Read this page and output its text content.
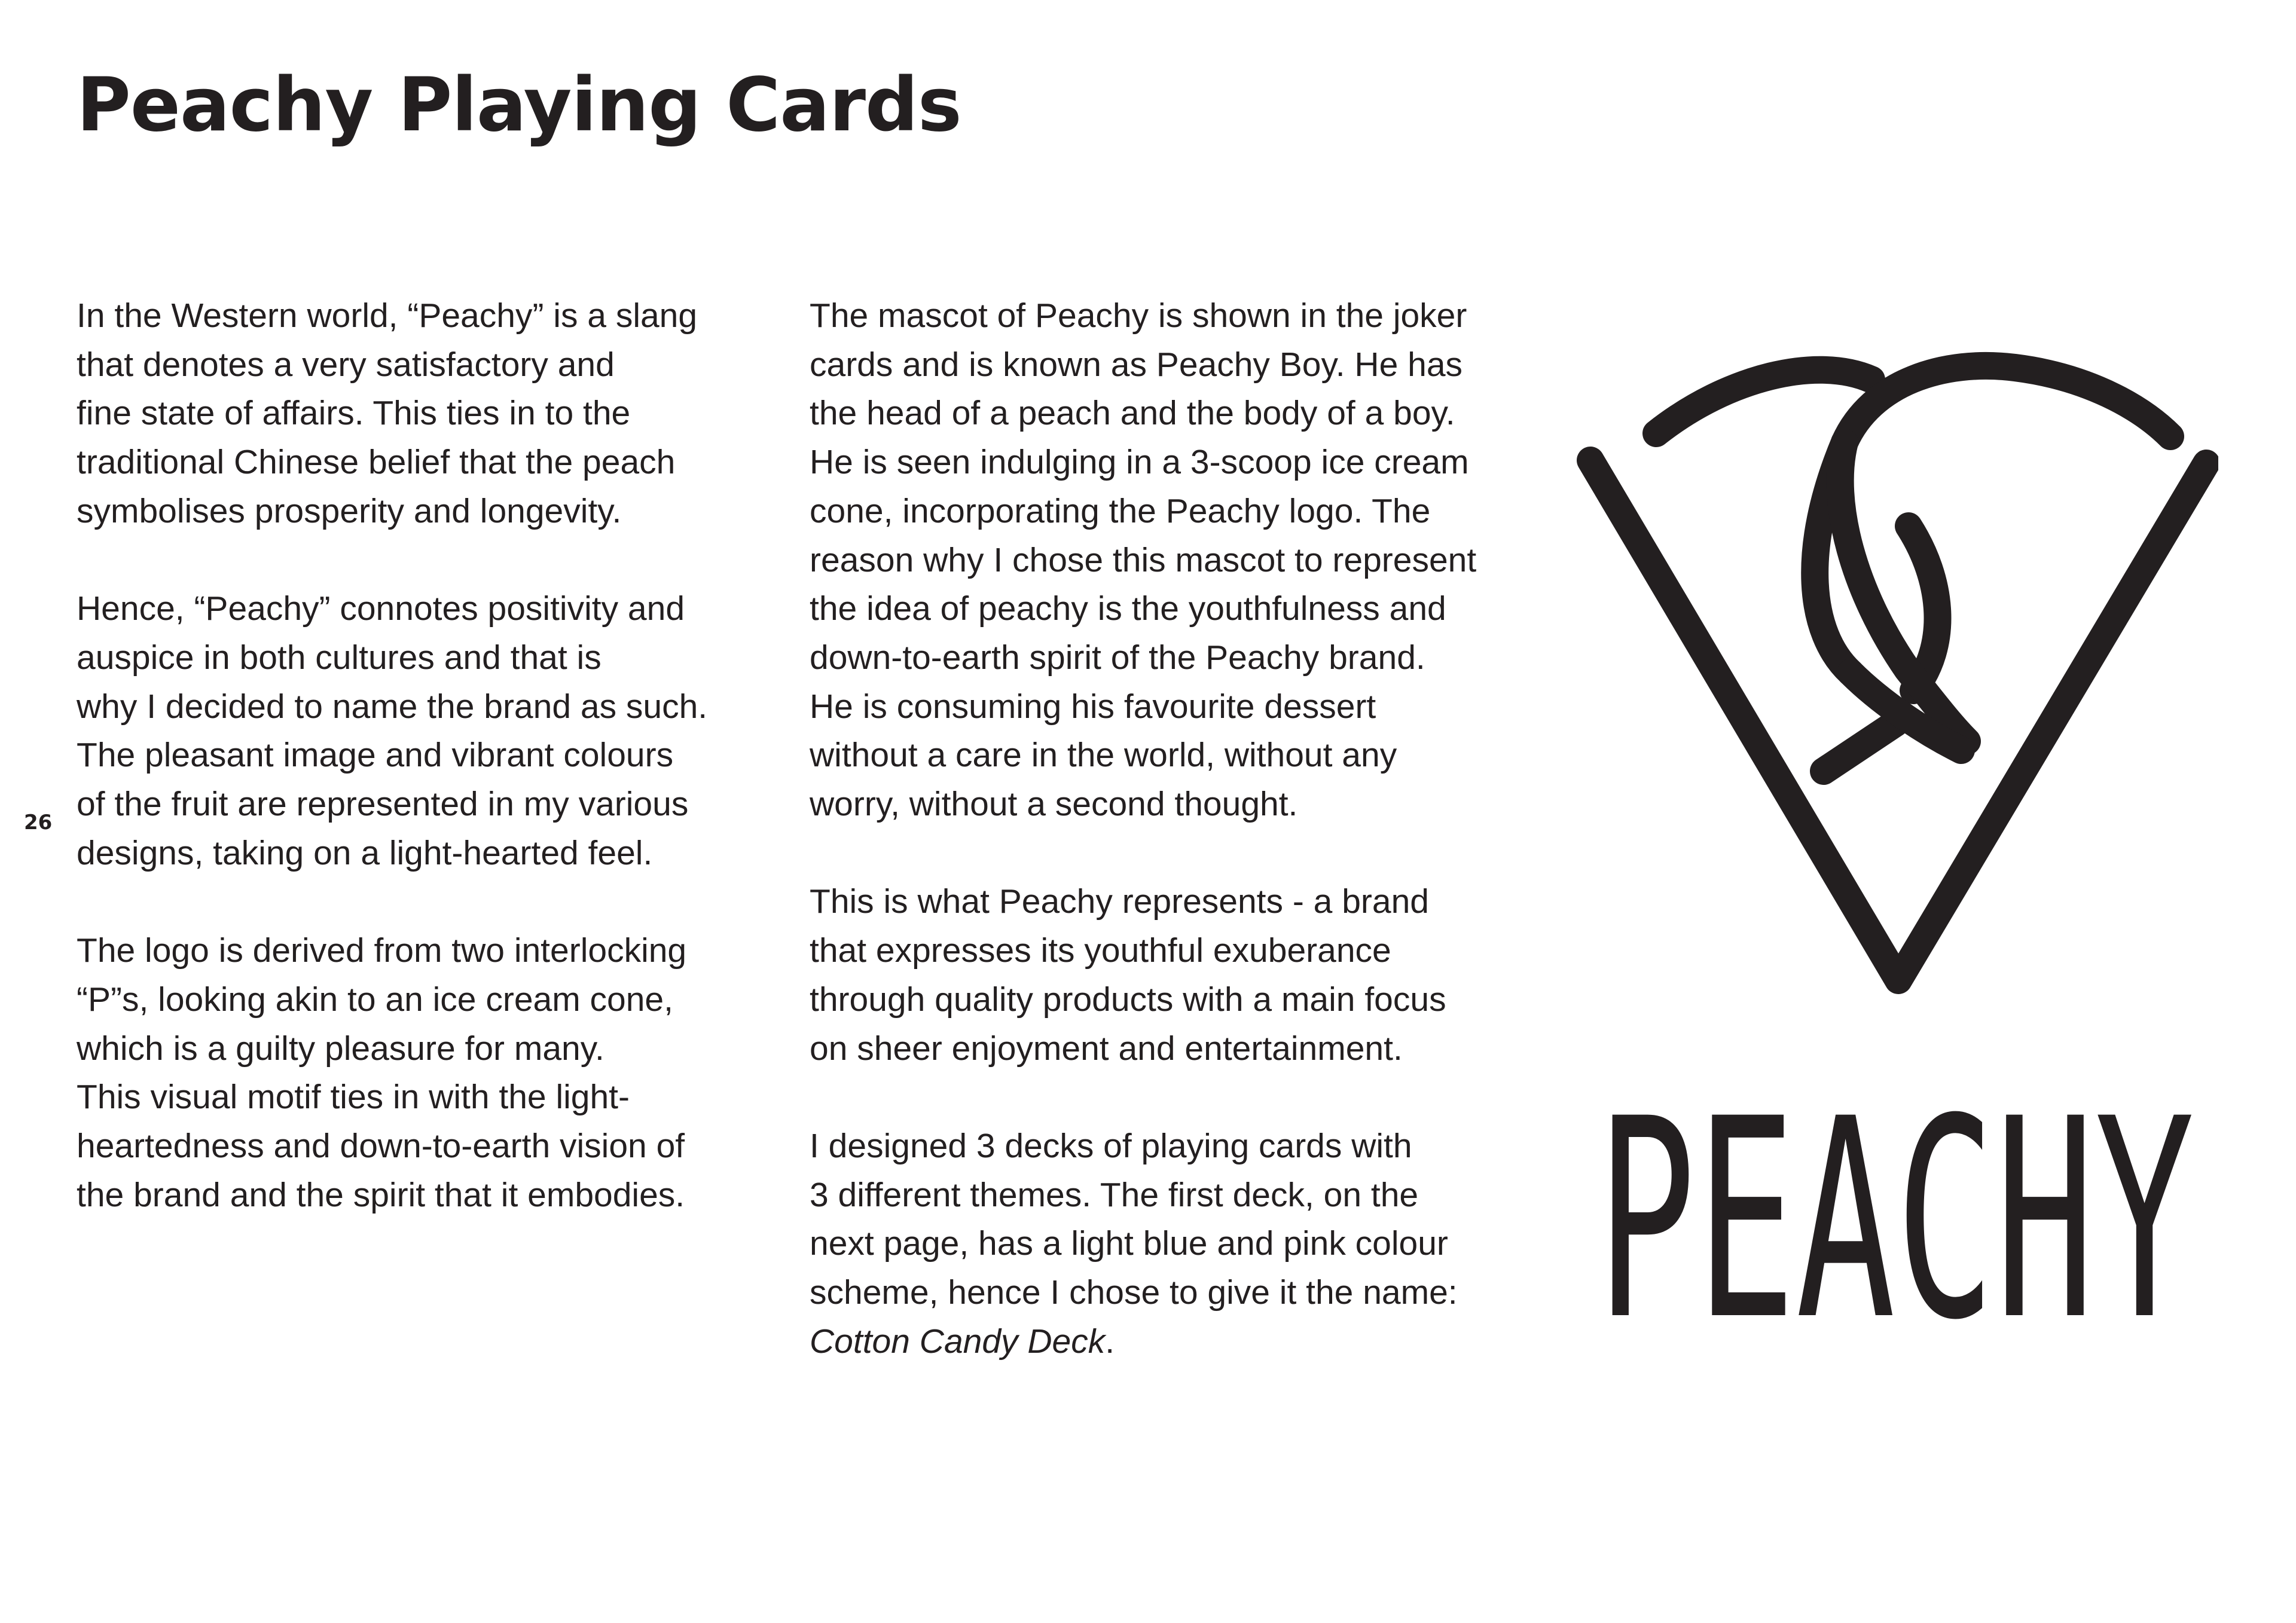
Peachy Playing Cards
26

In the Western world, “Peachy” is a slang
that denotes a very satisfactory and
fine state of affairs. This ties in to the
traditional Chinese belief that the peach
symbolises prosperity and longevity.

Hence, “Peachy” connotes positivity and
auspice in both cultures and that is
why I decided to name the brand as such.
The pleasant image and vibrant colours
of the fruit are represented in my various
designs, taking on a light-hearted feel.

The logo is derived from two interlocking
“P”s, looking akin to an ice cream cone,
which is a guilty pleasure for many.
This visual motif ties in with the light-
heartedness and down-to-earth vision of
the brand and the spirit that it embodies.

The mascot of Peachy is shown in the joker
cards and is known as Peachy Boy. He has
the head of a peach and the body of a boy.
He is seen indulging in a 3-scoop ice cream
cone, incorporating the Peachy logo. The
reason why I chose this mascot to represent
the idea of peachy is the youthfulness and
down-to-earth spirit of the Peachy brand.
He is consuming his favourite dessert
without a care in the world, without any
worry, without a second thought.

This is what Peachy represents - a brand
that expresses its youthful exuberance
through quality products with a main focus
on sheer enjoyment and entertainment.

I designed 3 decks of playing cards with
3 different themes. The first deck, on the
next page, has a light blue and pink colour
scheme, hence I chose to give it the name:
Cotton Candy Deck.	PEACHY
